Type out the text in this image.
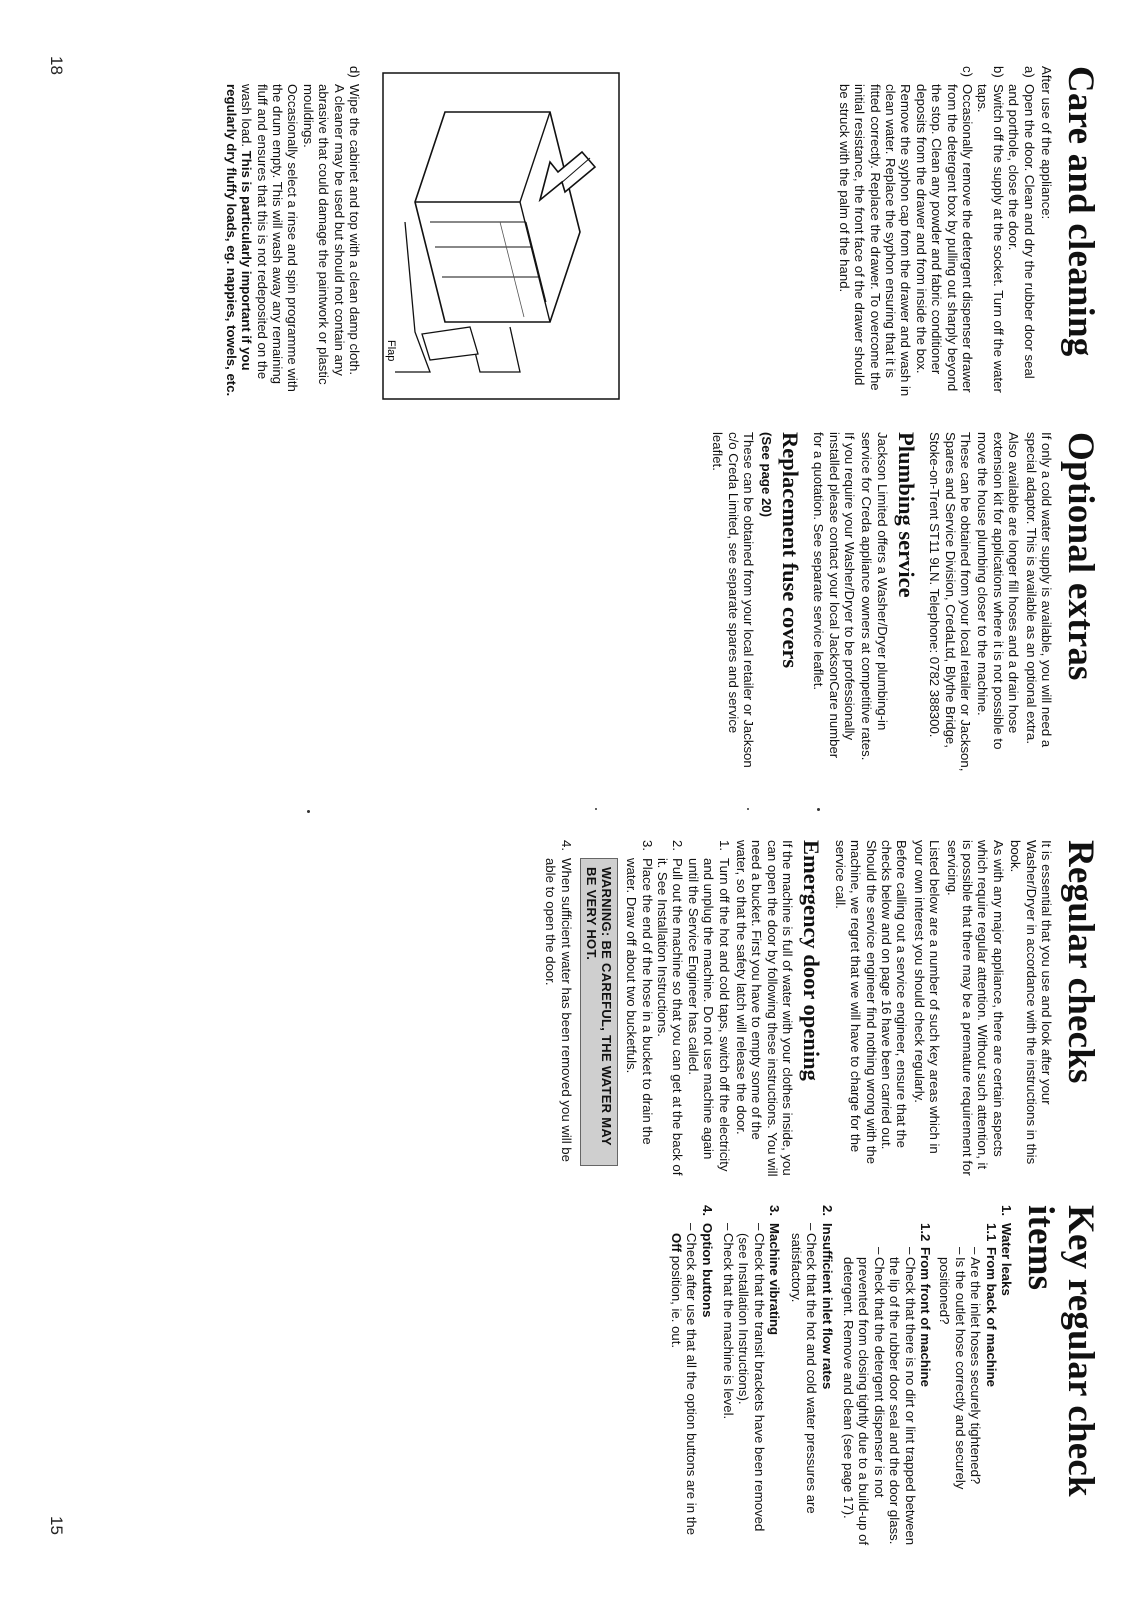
18
15
Care and cleaning

After use of the appliance:

a)
Open the door. Clean and dry the rubber door seal and porthole, close the door.
b)
Switch off the supply at the socket. Turn off the water taps.
c)
Occasionally remove the detergent dispenser drawer from the detergent box by pulling out sharply beyond the stop. Clean any powder and fabric conditioner deposits from the drawer and from inside the box. Remove the syphon cap from the drawer and wash in clean water. Replace the syphon ensuring that it is fitted correctly. Replace the drawer. To overcome the initial resistance, the front face of the drawer should be struck with the palm of the hand.
Flap
d)
Wipe the cabinet and top with a clean damp cloth.
A cleaner may be used but should not contain any abrasive that could damage the paintwork or plastic mouldings.
Occasionally select a rinse and spin programme with the drum empty. This will wash away any remaining fluff and ensures that this is not redeposited on the wash load. This is particularly important if you regularly dry fluffy loads, eg. nappies, towels, etc.
Optional extras

If only a cold water supply is available, you will need a special adaptor. This is available as an optional extra.

Also available are longer fill hoses and a drain hose extension kit for applications where it is not possible to move the house plumbing closer to the machine.

These can be obtained from your local retailer or Jackson, Spares and Service Division, CredaLtd, Blythe Bridge, Stoke-on-Trent ST11 9LN. Telephone: 0782 388300.

Plumbing service

Jackson Limited offers a Washer/Dryer plumbing-in service for Creda appliance owners at competitive rates.

If you require your Washer/Dryer to be professionally installed please contact your local JacksonCare number for a quotation. See separate service leaflet.

Replacement fuse covers

(See page 20)

These can be obtained from your local retailer or Jackson c/o Creda Limited, see separate spares and service leaflet.

Regular checks

It is essential that you use and look after your Washer/Dryer in accordance with the instructions in this book.

As with any major appliance, there are certain aspects which require regular attention. Without such attention, it is possible that there may be a premature requirement for servicing.

Listed below are a number of such key areas which in your own interest you should check regularly.

Before calling out a service engineer, ensure that the checks below and on page 16 have been carried out. Should the service engineer find nothing wrong with the machine, we regret that we will have to charge for the service call.

Emergency door opening

If the machine is full of water with your clothes inside, you can open the door by following these instructions. You will need a bucket. First you have to empty some of the water, so that the safety latch will release the door.

1.
Turn off the hot and cold taps, switch off the electricity and unplug the machine. Do not use machine again until the Service Engineer has called.
2.
Pull out the machine so that you can get at the back of it. See Installation Instructions.
3.
Place the end of the hose in a bucket to drain the water. Draw off about two bucketfuls.
WARNING: BE CAREFUL, THE WATER MAY BE VERY HOT.
4.
When sufficient water has been removed you will be able to open the door.
Key regular check items
1.
Water leaks
1.1
From back of machine
–
Are the inlet hoses securely tightened?
–
Is the outlet hose correctly and securely positioned?
1.2
From front of machine
–
Check that there is no dirt or lint trapped between the lip of the rubber door seal and the door glass.
–
Check that the detergent dispenser is not prevented from closing tightly due to a build-up of detergent. Remove and clean (see page 17).
2.
Insufficient inlet flow rates
–
Check that the hot and cold water pressures are satisfactory.
3.
Machine vibrating
–
Check that the transit brackets have been removed (see Installation Instructions).
–
Check that the machine is level.
4.
Option buttons
–
Check after use that all the option buttons are in the Off position, ie. out.
